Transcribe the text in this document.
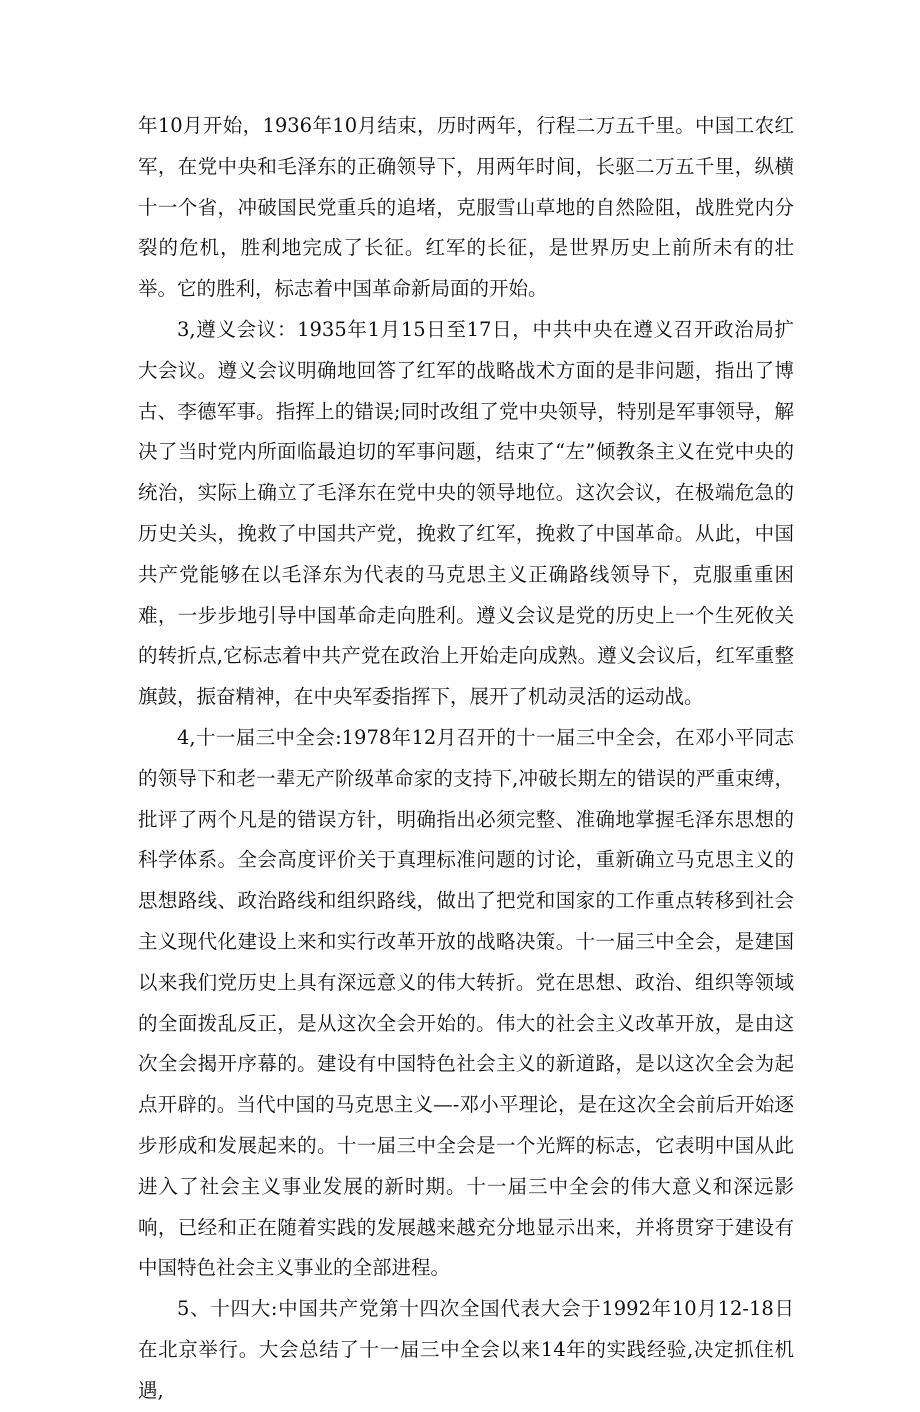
年10月开始，1936年10月结束，历时两年，行程二万五千里。中国工农红军，在党中央和毛泽东的正确领导下，用两年时间，长驱二万五千里，纵横十一个省，冲破国民党重兵的追堵，克服雪山草地的自然险阻，战胜党内分裂的危机，胜利地完成了长征。红军的长征，是世界历史上前所未有的壮举。它的胜利，标志着中国革命新局面的开始。

3,遵义会议：1935年1月15日至17日，中共中央在遵义召开政治局扩大会议。遵义会议明确地回答了红军的战略战术方面的是非问题，指出了博古、李德军事。指挥上的错误;同时改组了党中央领导，特别是军事领导，解决了当时党内所面临最迫切的军事问题，结束了“左”倾教条主义在党中央的统治，实际上确立了毛泽东在党中央的领导地位。这次会议，在极端危急的历史关头，挽救了中国共产党，挽救了红军，挽救了中国革命。从此，中国共产党能够在以毛泽东为代表的马克思主义正确路线领导下，克服重重困难，一步步地引导中国革命走向胜利。遵义会议是党的历史上一个生死攸关的转折点,它标志着中共产党在政治上开始走向成熟。遵义会议后，红军重整旗鼓，振奋精神，在中央军委指挥下，展开了机动灵活的运动战。

4,十一届三中全会:1978年12月召开的十一届三中全会，在邓小平同志的领导下和老一辈无产阶级革命家的支持下,冲破长期左的错误的严重束缚，批评了两个凡是的错误方针，明确指出必须完整、准确地掌握毛泽东思想的科学体系。全会高度评价关于真理标准问题的讨论，重新确立马克思主义的思想路线、政治路线和组织路线，做出了把党和国家的工作重点转移到社会主义现代化建设上来和实行改革开放的战略决策。十一届三中全会，是建国以来我们党历史上具有深远意义的伟大转折。党在思想、政治、组织等领域的全面拨乱反正，是从这次全会开始的。伟大的社会主义改革开放，是由这次全会揭开序幕的。建设有中国特色社会主义的新道路，是以这次全会为起点开辟的。当代中国的马克思主义—-邓小平理论，是在这次全会前后开始逐步形成和发展起来的。十一届三中全会是一个光辉的标志，它表明中国从此进入了社会主义事业发展的新时期。十一届三中全会的伟大意义和深远影响，已经和正在随着实践的发展越来越充分地显示出来，并将贯穿于建设有中国特色社会主义事业的全部进程。

5、十四大:中国共产党第十四次全国代表大会于1992年10月12-18日在北京举行。大会总结了十一届三中全会以来14年的实践经验,决定抓住机遇,
